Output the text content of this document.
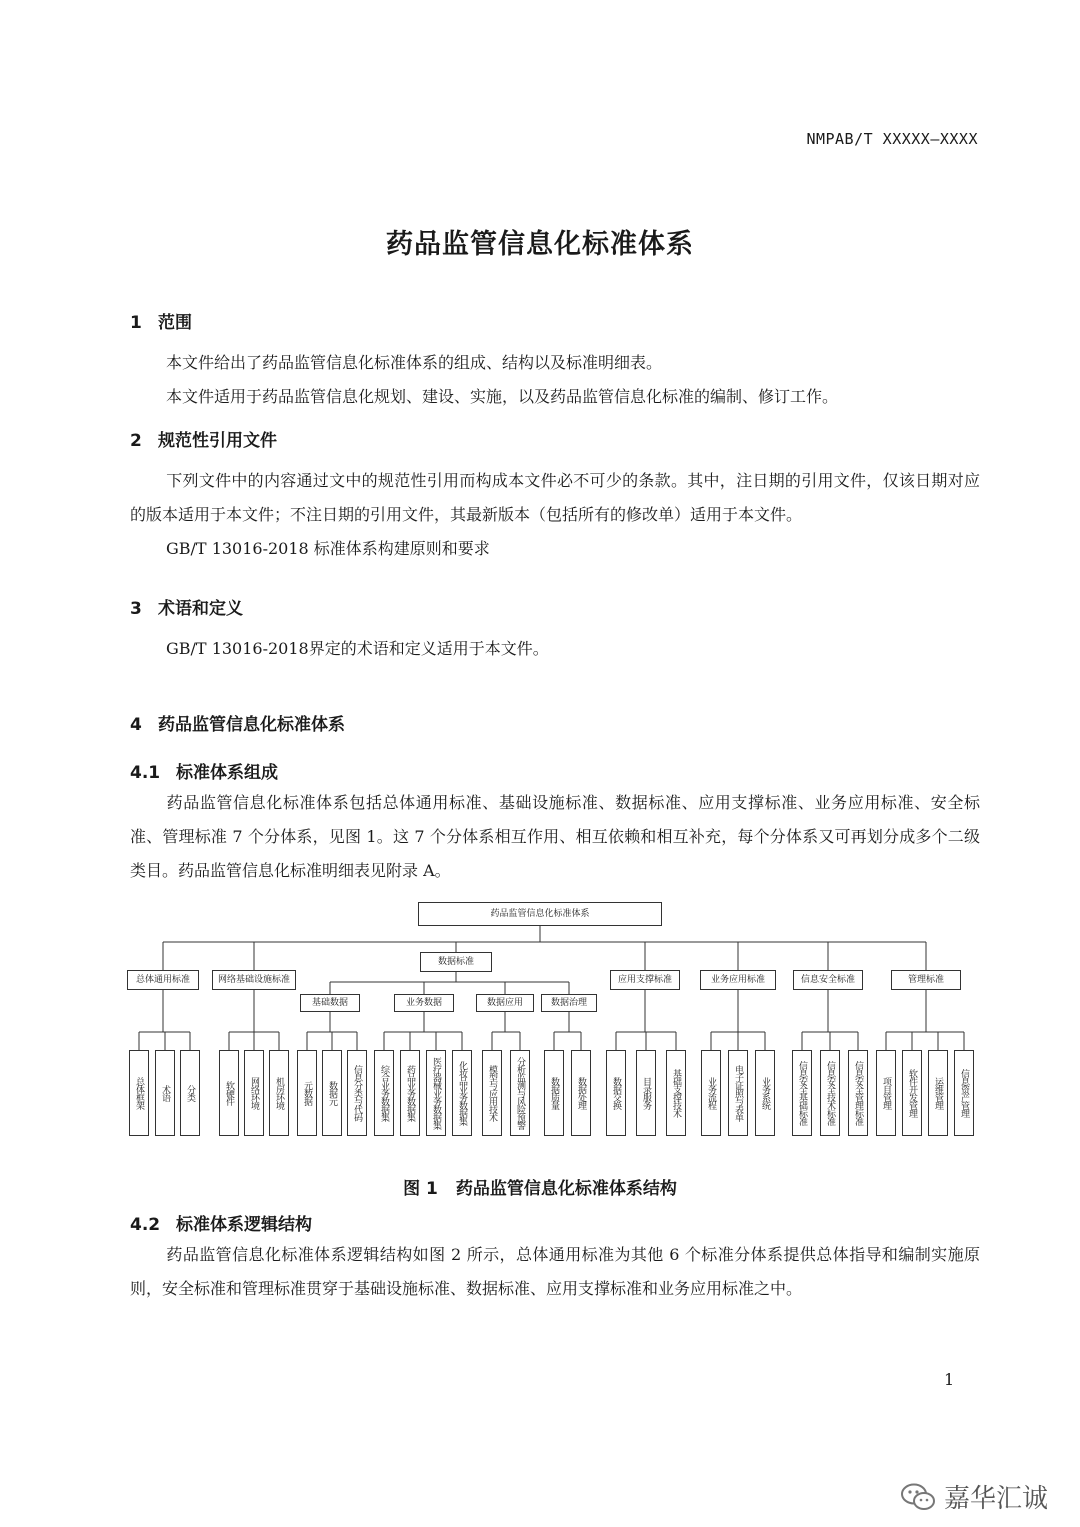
NMPAB/T XXXXX—XXXX
药品监管信息化标准体系
1 范围
本文件给出了药品监管信息化标准体系的组成、结构以及标准明细表。
本文件适用于药品监管信息化规划、建设、实施，以及药品监管信息化标准的编制、修订工作。
2 规范性引用文件
下列文件中的内容通过文中的规范性引用而构成本文件必不可少的条款。其中，注日期的引用文件，仅该日期对应的版本适用于本文件；不注日期的引用文件，其最新版本（包括所有的修改单）适用于本文件。
GB/T 13016-2018 标准体系构建原则和要求
3 术语和定义
GB/T 13016-2018界定的术语和定义适用于本文件。
4 药品监管信息化标准体系
4.1 标准体系组成
药品监管信息化标准体系包括总体通用标准、基础设施标准、数据标准、应用支撑标准、业务应用标准、安全标准、管理标准 7 个分体系，见图 1。这 7 个分体系相互作用、相互依赖和相互补充，每个分体系又可再划分成多个二级类目。药品监管信息化标准明细表见附录 A。
药品监管信息化标准体系
总体通用标准	网络基础设施标准
数据标准
应用支撑标准	业务应用标准	信息安全标准	管理标准
基础数据	业务数据	数据应用	数据治理
总体框架 术语 分类	软硬件 网络环境 机房环境 元数据 数据元 信息分类与代码 综合业务数据集 药品业务数据集 医疗器械业务数据集 化妆品业务数据集 模型与应用技术 分析监测与风险预警	数据质量 数据处理	数据交换 目录服务 基础支撑技术	业务流程 电子证照与表单 业务系统	信息安全基础标准 信息安全技术标准 信息安全管理标准 项目管理 软件开发管理 运维管理 信息资产管理
图 1 药品监管信息化标准体系结构
4.2 标准体系逻辑结构
药品监管信息化标准体系逻辑结构如图 2 所示，总体通用标准为其他 6 个标准分体系提供总体指导和编制实施原则，安全标准和管理标准贯穿于基础设施标准、数据标准、应用支撑标准和业务应用标准之中。
1
嘉华汇诚
